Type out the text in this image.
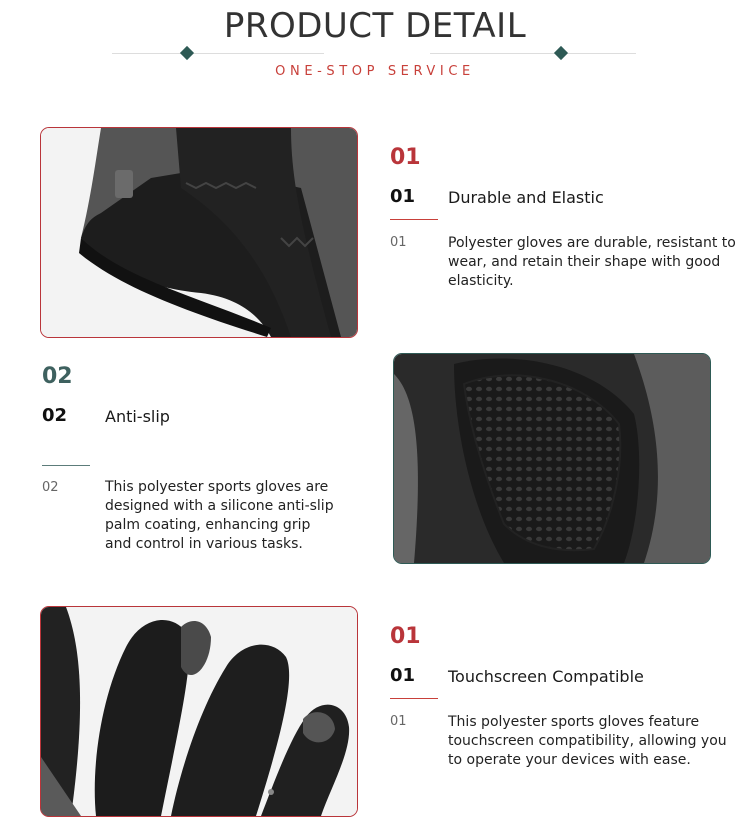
PRODUCT DETAIL
ONE-STOP SERVICE
01
01 Durable and Elastic
01	Polyester gloves are durable, resistant to wear, and retain their shape with good elasticity.
02
02 Anti-slip
02	This polyester sports gloves are designed with a silicone anti-slip palm coating, enhancing grip and control in various tasks.
01
01 Touchscreen Compatible
01	This polyester sports gloves feature touchscreen compatibility, allowing you to operate your devices with ease.
